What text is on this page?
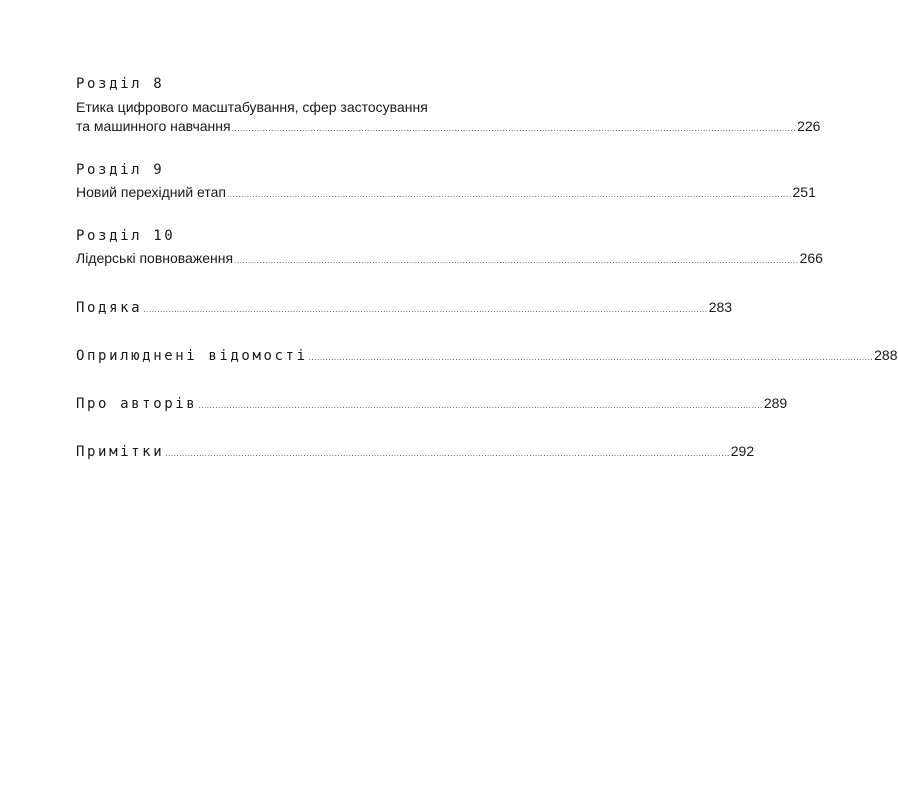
Розділ 8
Етика цифрового масштабування, сфер застосування
та машинного навчання ........................................................................................................................................................................................................ 226
Розділ 9
Новий перехідний етап ........................................................................................................................................................................................................ 251
Розділ 10
Лідерські повноваження ........................................................................................................................................................................................................ 266
Подяка ........................................................................................................................................................................................................ 283
Оприлюднені відомості ........................................................................................................................................................................................................ 288
Про авторів ........................................................................................................................................................................................................ 289
Примітки ........................................................................................................................................................................................................ 292
